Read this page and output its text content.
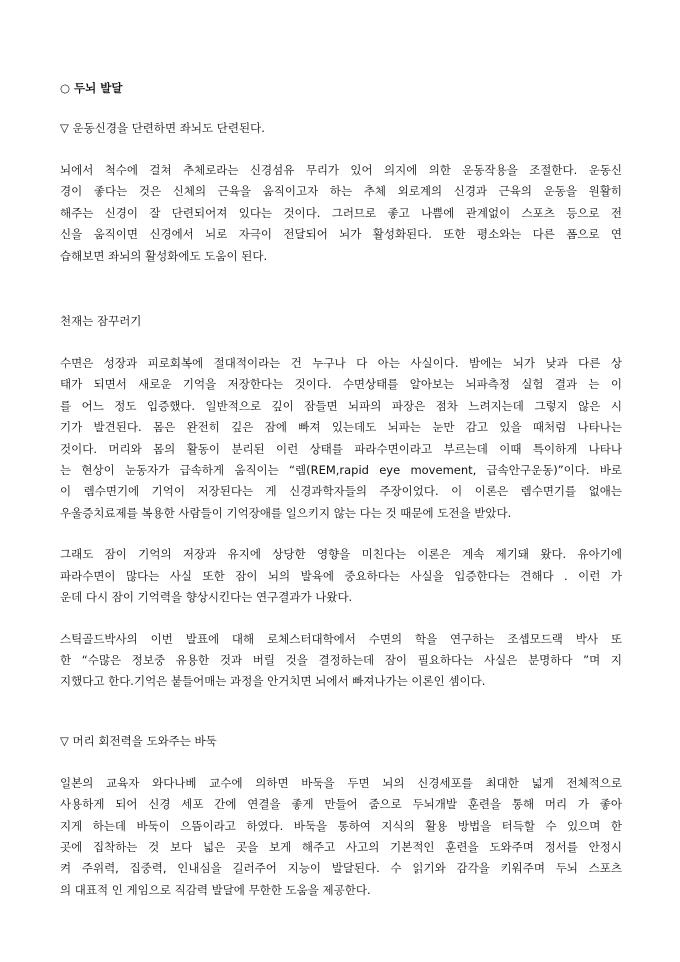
○ 두뇌 발달
▽ 운동신경을 단련하면 좌뇌도 단련된다.
뇌에서 척수에 걸쳐 추체로라는 신경섬유 무리가 있어 의지에 의한 운동작용을 조절한다. 운동신
경이 좋다는 것은 신체의 근육을 움직이고자 하는 추체 외로계의 신경과 근육의 운동을 원활히
해주는 신경이 잘 단련되어져 있다는 것이다. 그러므로 좋고 나쁨에 관계없이 스포츠 등으로 전
신을 움직이면 신경에서 뇌로 자극이 전달되어 뇌가 활성화된다. 또한 평소와는 다른 폼으로 연
습해보면 좌뇌의 활성화에도 도움이 된다.
천재는 잠꾸러기
수면은 성장과 피로회복에 절대적이라는 건 누구나 다 아는 사실이다. 밤에는 뇌가 낮과 다른 상
태가 되면서 새로운 기억을 저장한다는 것이다. 수면상태를 알아보는 뇌파측정 실험 결과 는 이
를 어느 정도 입증했다. 일반적으로 깊이 잠들면 뇌파의 파장은 점차 느려지는데 그렇지 않은 시
기가 발견된다. 몸은 완전히 깊은 잠에 빠져 있는데도 뇌파는 눈만 감고 있을 때처럼 나타나는
것이다. 머리와 몸의 활동이 분리된 이런 상태를 파라수면이라고 부르는데 이때 특이하게 나타나
는 현상이 눈동자가 급속하게 움직이는 “렘(REM,rapid eye movement, 급속안구운동)”이다. 바로
이 렘수면기에 기억이 저장된다는 게 신경과학자들의 주장이었다. 이 이론은 렘수면기를 없애는
우울증치료제를 복용한 사람들이 기억장애를 일으키지 않는 다는 것 때문에 도전을 받았다.
그래도 잠이 기억의 저장과 유지에 상당한 영향을 미친다는 이론은 계속 제기돼 왔다. 유아기에
파라수면이 많다는 사실 또한 잠이 뇌의 발육에 중요하다는 사실을 입증한다는 견해다 . 이런 가
운데 다시 잠이 기억력을 향상시킨다는 연구결과가 나왔다.
스틱골드박사의 이번 발표에 대해 로체스터대학에서 수면의 학을 연구하는 조셉모드랙 박사 또
한 “수많은 정보중 유용한 것과 버릴 것을 결정하는데 잠이 필요하다는 사실은 분명하다 ”며 지
지했다고 한다.기억은 붙들어매는 과정을 안거치면 뇌에서 빠져나가는 이론인 셈이다.
▽ 머리 회전력을 도와주는 바둑
일본의 교육자 와다나베 교수에 의하면 바둑을 두면 뇌의 신경세포를 최대한 넓게 전체적으로
사용하게 되어 신경 세포 간에 연결을 좋게 만들어 줌으로 두뇌개발 훈련을 통해 머리 가 좋아
지게 하는데 바둑이 으뜸이라고 하였다. 바둑을 통하여 지식의 활용 방법을 터득할 수 있으며 한
곳에 집착하는 것 보다 넓은 곳을 보게 해주고 사고의 기본적인 훈련을 도와주며 정서를 안정시
켜 주위력, 집중력, 인내심을 길러주어 지능이 발달된다. 수 읽기와 감각을 키워주며 두뇌 스포츠
의 대표적 인 게임으로 직감력 발달에 무한한 도움을 제공한다.
